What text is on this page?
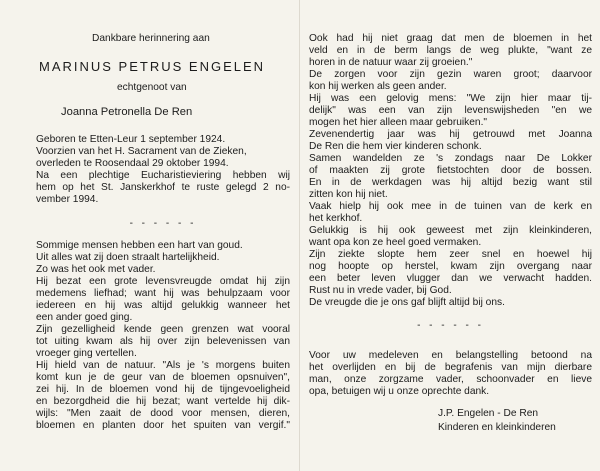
Dankbare herinnering aan
MARINUS PETRUS ENGELEN
echtgenoot van
Joanna Petronella De Ren
Geboren te Etten-Leur 1 september 1924.
Voorzien van het H. Sacrament van de Zieken,
overleden te Roosendaal 29 oktober 1994.
Na een plechtige Eucharistieviering hebben wij
hem op het St. Janskerkhof te ruste gelegd 2 no-
vember 1994.
- - - - - -
Sommige mensen hebben een hart van goud.
Uit alles wat zij doen straalt hartelijkheid.
Zo was het ook met vader.
Hij bezat een grote levensvreugde omdat hij zijn
medemens liefhad; want hij was behulpzaam voor
iedereen en hij was altijd gelukkig wanneer het
een ander goed ging.
Zijn gezelligheid kende geen grenzen wat vooral
tot uiting kwam als hij over zijn belevenissen van
vroeger ging vertellen.
Hij hield van de natuur. "Als je 's morgens buiten
komt kun je de geur van de bloemen opsnuiven",
zei hij. In de bloemen vond hij de tijngevoeligheid
en bezorgdheid die hij bezat; want vertelde hij dik-
wijls: "Men zaait de dood voor mensen, dieren,
bloemen en planten door het spuiten van vergif."
Ook had hij niet graag dat men de bloemen in het
veld en in de berm langs de weg plukte, "want ze
horen in de natuur waar zij groeien."
De zorgen voor zijn gezin waren groot; daarvoor
kon hij werken als geen ander.
Hij was een gelovig mens: "We zijn hier maar tij-
delijk" was een van zijn levenswijsheden "en we
mogen het hier alleen maar gebruiken."
Zevenendertig jaar was hij getrouwd met Joanna
De Ren die hem vier kinderen schonk.
Samen wandelden ze 's zondags naar De Lokker
of maakten zij grote fietstochten door de bossen.
En in de werkdagen was hij altijd bezig want stil
zitten kon hij niet.
Vaak hielp hij ook mee in de tuinen van de kerk en
het kerkhof.
Gelukkig is hij ook geweest met zijn kleinkinderen,
want opa kon ze heel goed vermaken.
Zijn ziekte slopte hem zeer snel en hoewel hij
nog hoopte op herstel, kwam zijn overgang naar
een beter leven vlugger dan we verwacht hadden.
Rust nu in vrede vader, bij God.
De vreugde die je ons gaf blijft altijd bij ons.
- - - - - -
Voor uw medeleven en belangstelling betoond na
het overlijden en bij de begrafenis van mijn dierbare
man, onze zorgzame vader, schoonvader en lieve
opa, betuigen wij u onze oprechte dank.
J.P. Engelen - De Ren
Kinderen en kleinkinderen
